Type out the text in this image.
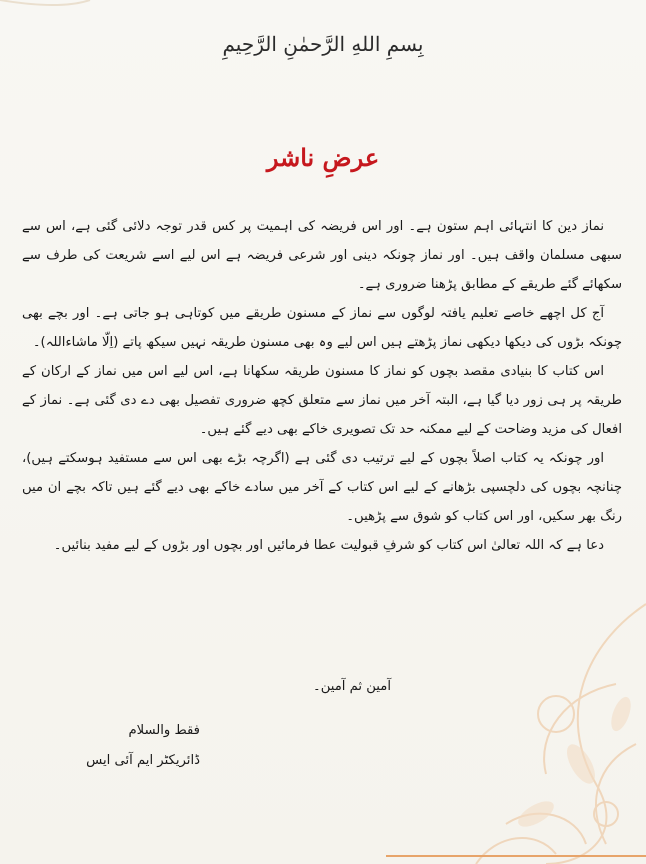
بِسمِ اللهِ الرَّحمٰنِ الرَّحِیمِ
عرضِ ناشر

نماز دین کا انتہائی اہم ستون ہے۔ اور اس فریضہ کی اہمیت پر کس قدر توجہ دلائی گئی ہے، اس سے سبھی مسلمان واقف ہیں۔ اور نماز چونکہ دینی اور شرعی فریضہ ہے اس لیے اسے شریعت کی طرف سے سکھائے گئے طریقے کے مطابق پڑھنا ضروری ہے۔

آج کل اچھے خاصے تعلیم یافتہ لوگوں سے نماز کے مسنون طریقے میں کوتاہی ہو جاتی ہے۔ اور بچے بھی چونکہ بڑوں کی دیکھا دیکھی نماز پڑھتے ہیں اس لیے وہ بھی مسنون طریقہ نہیں سیکھ پاتے (اِلّا ماشاءاللہ)۔

اس کتاب کا بنیادی مقصد بچوں کو نماز کا مسنون طریقہ سکھانا ہے، اس لیے اس میں نماز کے ارکان کے طریقہ پر ہی زور دیا گیا ہے، البتہ آخر میں نماز سے متعلق کچھ ضروری تفصیل بھی دے دی گئی ہے۔ نماز کے افعال کی مزید وضاحت کے لیے ممکنہ حد تک تصویری خاکے بھی دیے گئے ہیں۔

اور چونکہ یہ کتاب اصلاً بچوں کے لیے ترتیب دی گئی ہے (اگرچہ بڑے بھی اس سے مستفید ہوسکتے ہیں)، چنانچہ بچوں کی دلچسپی بڑھانے کے لیے اس کتاب کے آخر میں سادے خاکے بھی دیے گئے ہیں تاکہ بچے ان میں رنگ بھر سکیں، اور اس کتاب کو شوق سے پڑھیں۔

دعا ہے کہ اللہ تعالیٰ اس کتاب کو شرفِ قبولیت عطا فرمائیں اور بچوں اور بڑوں کے لیے مفید بنائیں۔

آمین ثم آمین۔
فقط والسلام
ڈائریکٹر ایم آئی ایس
